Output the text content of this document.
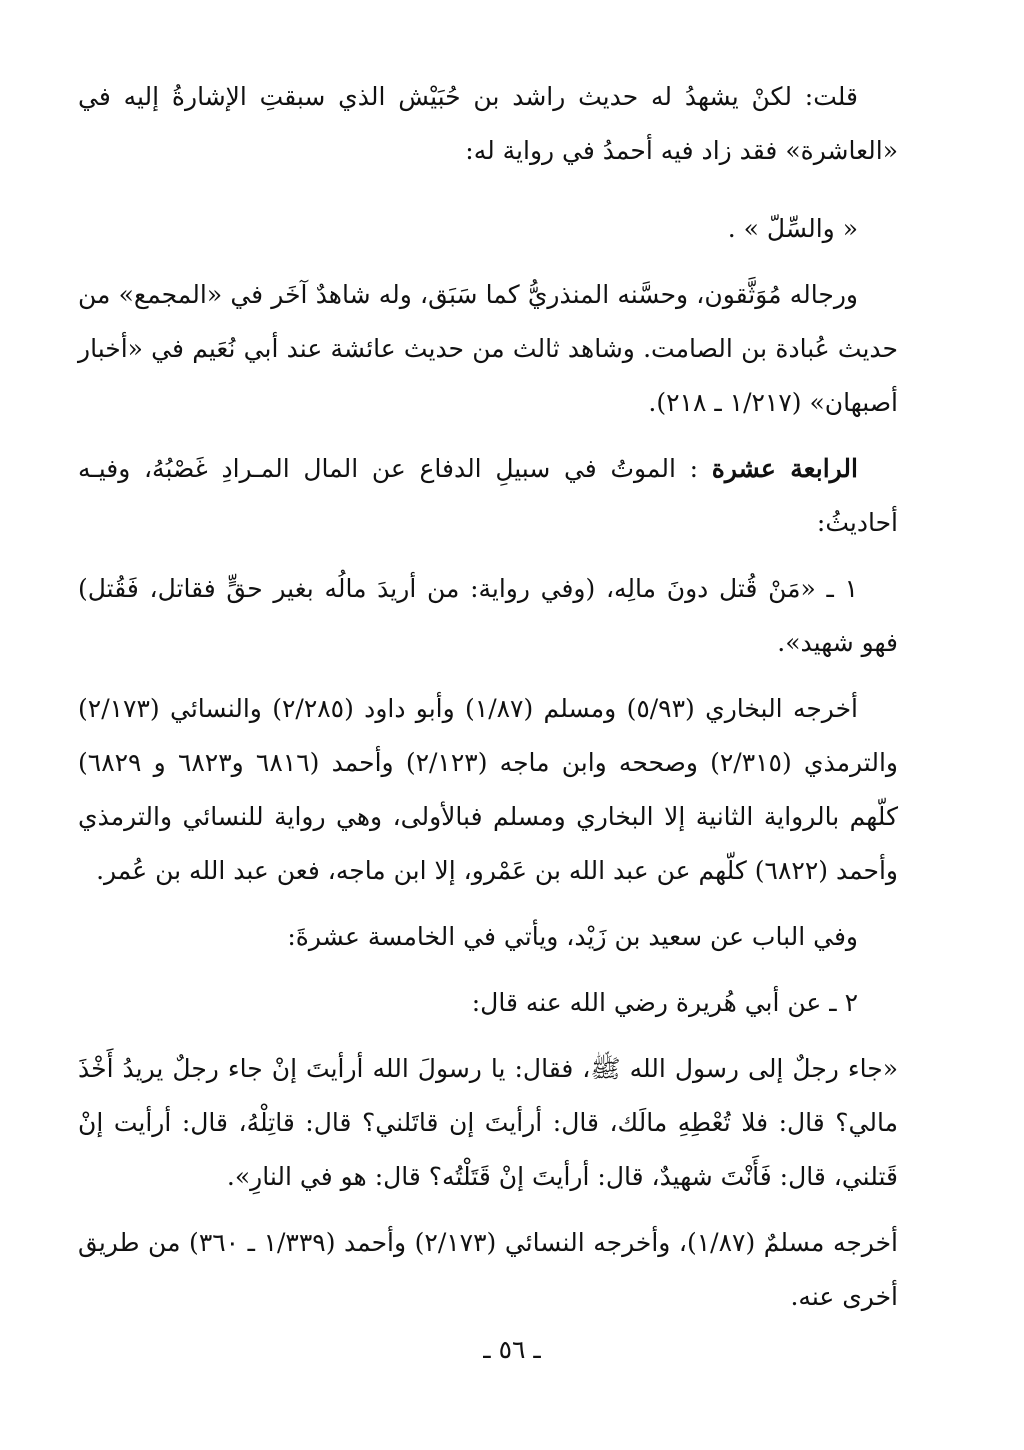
قلت: لكنْ يشهدُ له حديث راشد بن حُبَيْش الذي سبقتِ الإشارةُ إليه في «العاشرة» فقد زاد فيه أحمدُ في رواية له:

« والسِّلّ » .

ورجاله مُوَثَّقون، وحسَّنه المنذريُّ كما سَبَق، وله شاهدٌ آخَر في «المجمع» من حديث عُبادة بن الصامت. وشاهد ثالث من حديث عائشة عند أبي نُعَيم في «أخبار أصبهان» (١/٢١٧ ـ ٢١٨).

الرابعة عشرة : الموتُ في سبيلِ الدفاع عن المال المـرادِ غَصْبُهُ، وفيـه أحاديثُ:

١ ـ «مَنْ قُتل دونَ مالِه، (وفي رواية: من أريدَ مالُه بغير حقٍّ فقاتل، فَقُتل) فهو شهيد».

أخرجه البخاري (٥/٩٣) ومسلم (١/٨٧) وأبو داود (٢/٢٨٥) والنسائي (٢/١٧٣) والترمذي (٢/٣١٥) وصححه وابن ماجه (٢/١٢٣) وأحمد (٦٨١٦ و٦٨٢٣ و ٦٨٢٩) كلّهم بالرواية الثانية إلا البخاري ومسلم فبالأولى، وهي رواية للنسائي والترمذي وأحمد (٦٨٢٢) كلّهم عن عبد الله بن عَمْرو، إلا ابن ماجه، فعن عبد الله بن عُمر.

وفي الباب عن سعيد بن زَيْد، ويأتي في الخامسة عشرةَ:

٢ ـ عن أبي هُريرة رضي الله عنه قال:

«جاء رجلٌ إلى رسول الله ﷺ، فقال: يا رسولَ الله أرأيتَ إنْ جاء رجلٌ يريدُ أَخْذَ مالي؟ قال: فلا تُعْطِهِ مالَك، قال: أرأيتَ إن قاتَلني؟ قال: قاتِلْهُ، قال: أرأيت إنْ قَتلني، قال: فَأَنْتَ شهيدٌ، قال: أرأيتَ إنْ قَتَلْتُه؟ قال: هو في النارِ».

أخرجه مسلمٌ (١/٨٧)، وأخرجه النسائي (٢/١٧٣) وأحمد (١/٣٣٩ ـ ٣٦٠) من طريق أخرى عنه.

ـ ٥٦ ـ
